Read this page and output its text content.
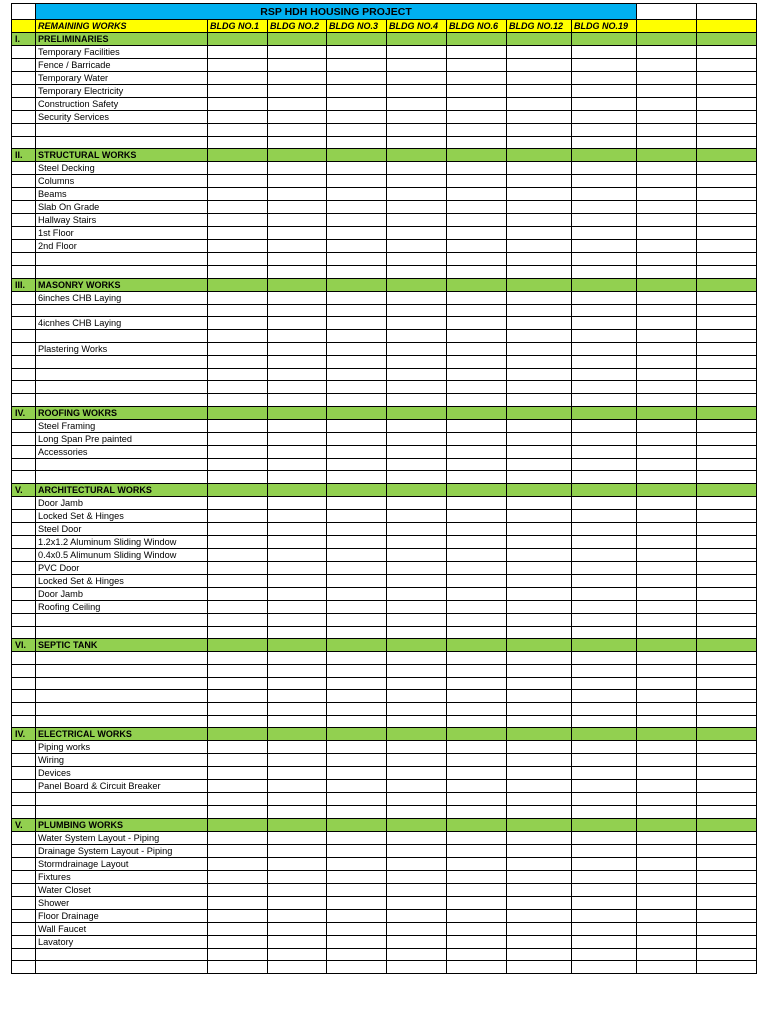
	RSP HDH HOUSING PROJECT									
	REMAINING WORKS	BLDG NO.1	BLDG NO.2	BLDG NO.3	BLDG NO.4	BLDG NO.6	BLDG NO.12	BLDG NO.19		
I.	PRELIMINARIES									
	Temporary Facilities									
	Fence / Barricade									
	Temporary Water									
	Temporary Electricity									
	Construction Safety									
	Security Services									

II.	STRUCTURAL WORKS									
	Steel Decking									
	Columns									
	Beams									
	Slab On Grade									
	Hallway Stairs									
	1st Floor									
	2nd Floor									

III.	MASONRY WORKS									
	6inches CHB Laying									

	4icnhes CHB Laying									

	Plastering Works									

IV.	ROOFING WOKRS									
	Steel Framing									
	Long Span Pre painted									
	Accessories									

V.	ARCHITECTURAL WORKS									
	Door Jamb									
	Locked Set & Hinges									
	Steel Door									
	1.2x1.2 Aluminum Sliding Window									
	0.4x0.5 Alimunum Sliding Window									
	PVC Door									
	Locked Set & Hinges									
	Door Jamb									
	Roofing Ceiling									

VI.	SEPTIC TANK									

IV.	ELECTRICAL WORKS									
	Piping works									
	Wiring									
	Devices									
	Panel Board & Circuit Breaker									

V.	PLUMBING WORKS									
	Water System Layout - Piping									
	Drainage System Layout - Piping									
	Stormdrainage Layout									
	Fixtures									
	Water Closet									
	Shower									
	Floor Drainage									
	Wall Faucet									
	Lavatory									
